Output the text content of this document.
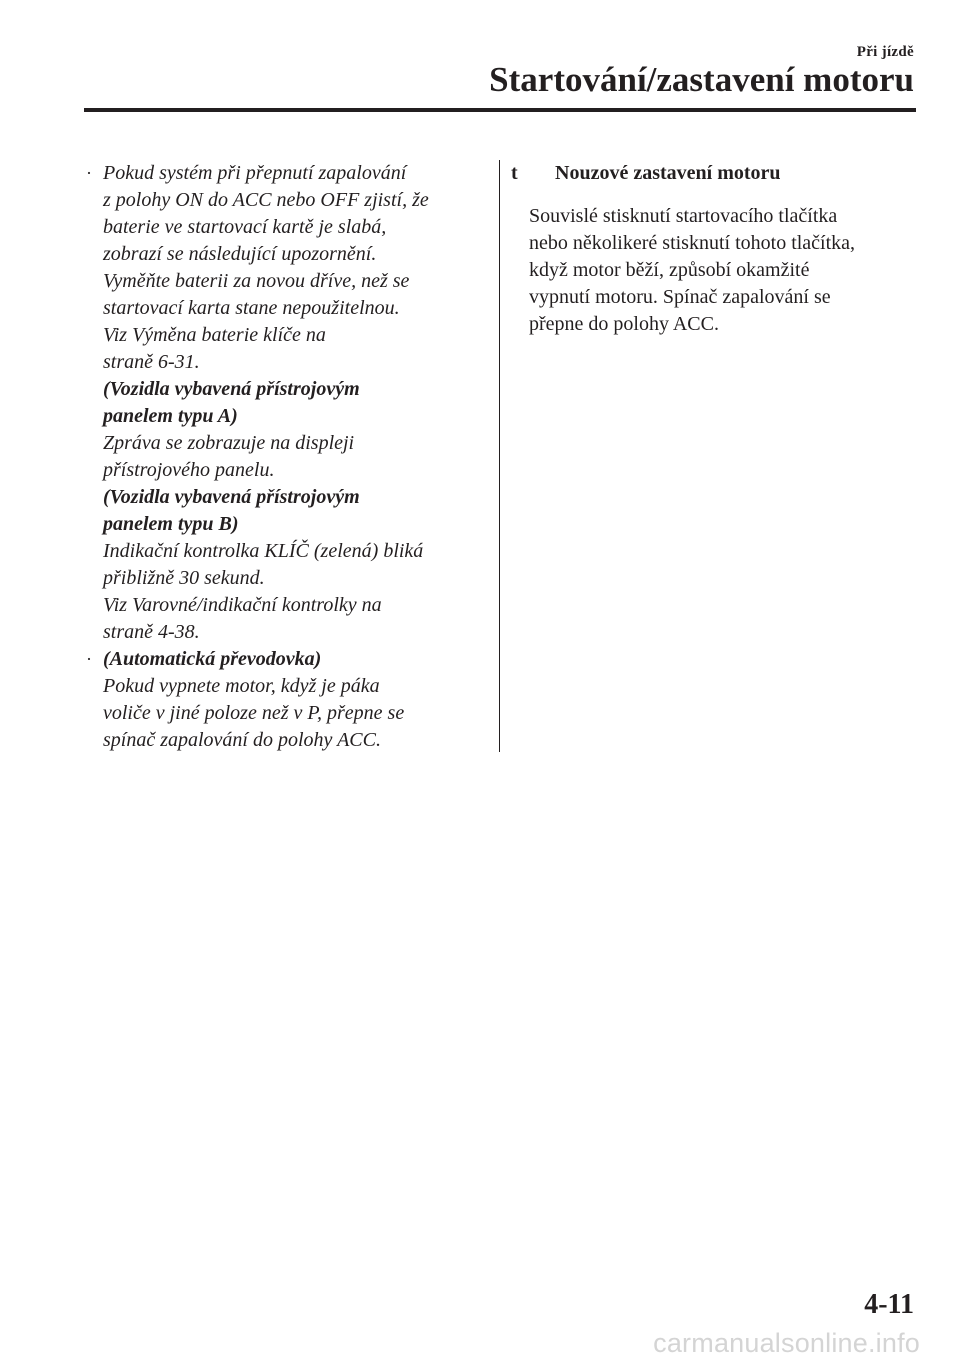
Při jízdě
Startování/zastavení motoru
· Pokud systém při přepnutí zapalování
z polohy ON do ACC nebo OFF zjistí, že
baterie ve startovací kartě je slabá,
zobrazí se následující upozornění.
Vyměňte baterii za novou dříve, než se
startovací karta stane nepoužitelnou.
Viz Výměna baterie klíče na
straně 6-31.
(Vozidla vybavená přístrojovým
panelem typu A)
Zpráva se zobrazuje na displeji
přístrojového panelu.
(Vozidla vybavená přístrojovým
panelem typu B)
Indikační kontrolka KLÍČ (zelená) bliká
přibližně 30 sekund.
Viz Varovné/indikační kontrolky na
straně 4-38.
· (Automatická převodovka)
Pokud vypnete motor, když je páka
voliče v jiné poloze než v P, přepne se
spínač zapalování do polohy ACC.
t Nouzové zastavení motoru
Souvislé stisknutí startovacího tlačítka
nebo několikeré stisknutí tohoto tlačítka,
když motor běží, způsobí okamžité
vypnutí motoru. Spínač zapalování se
přepne do polohy ACC.
4-11
carmanualsonline.info
